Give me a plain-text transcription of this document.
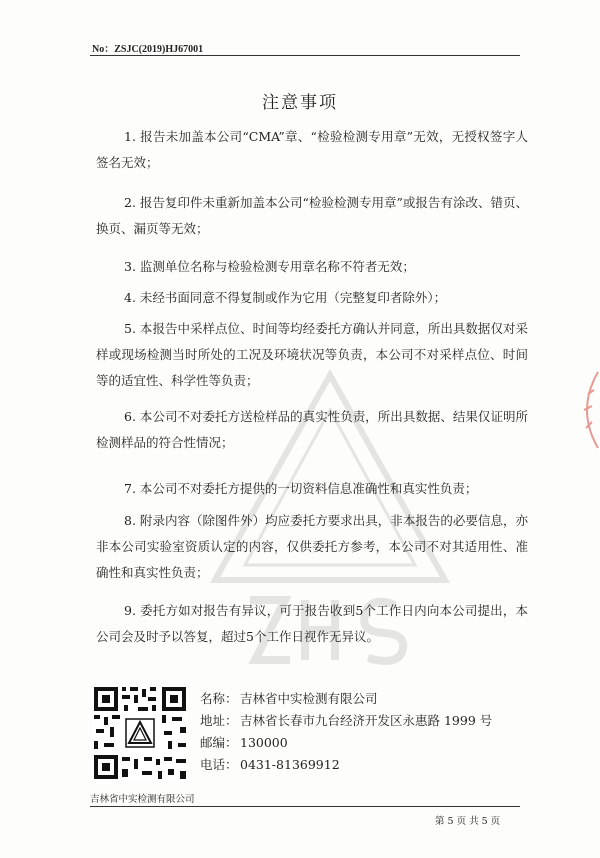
No：ZSJC(2019)HJ67001
注意事项
1. 报告未加盖本公司“CMA”章、“检验检测专用章”无效，无授权签字人签名无效；
2. 报告复印件未重新加盖本公司“检验检测专用章”或报告有涂改、错页、换页、漏页等无效；
3. 监测单位名称与检验检测专用章名称不符者无效；
4. 未经书面同意不得复制或作为它用（完整复印者除外）；
5. 本报告中采样点位、时间等均经委托方确认并同意，所出具数据仅对采样或现场检测当时所处的工况及环境状况等负责，本公司不对采样点位、时间等的适宜性、科学性等负责；
6. 本公司不对委托方送检样品的真实性负责，所出具数据、结果仅证明所检测样品的符合性情况；
7. 本公司不对委托方提供的一切资料信息准确性和真实性负责；
8. 附录内容（除图件外）均应委托方要求出具，非本报告的必要信息，亦非本公司实验室资质认定的内容，仅供委托方参考，本公司不对其适用性、准确性和真实性负责；
9. 委托方如对报告有异议，可于报告收到5个工作日内向本公司提出，本公司会及时予以答复，超过5个工作日视作无异议。
名称： 吉林省中实检测有限公司
地址： 吉林省长春市九台经济开发区永惠路 1999 号
邮编： 130000
电话： 0431-81369912
吉林省中实检测有限公司
第 5 页 共 5 页
